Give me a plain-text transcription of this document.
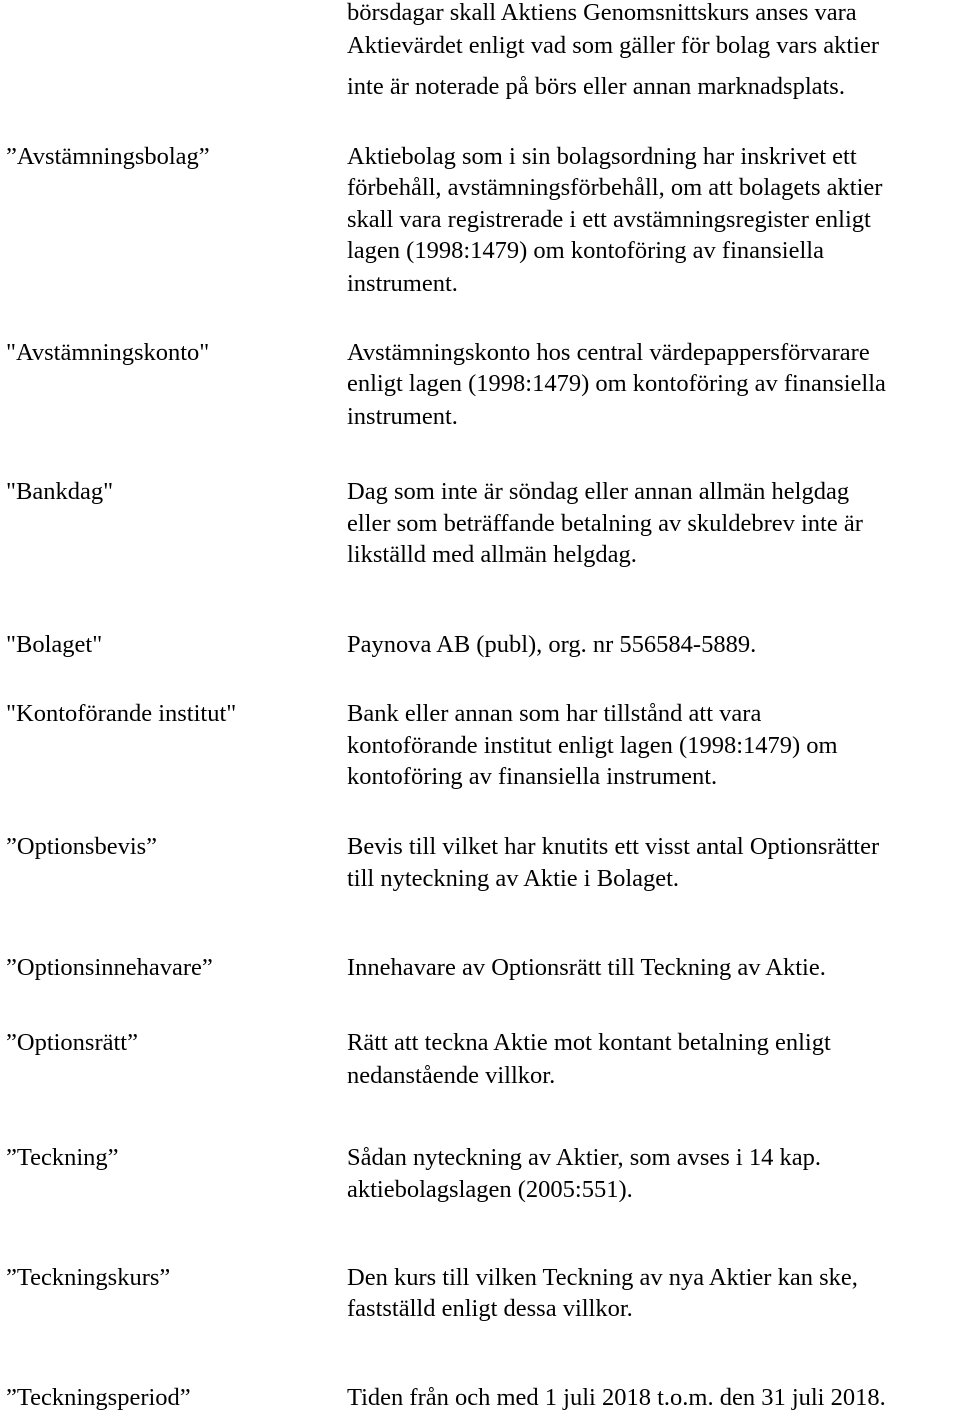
börsdagar skall Aktiens Genomsnittskurs anses vara
Aktievärdet enligt vad som gäller för bolag vars aktier
inte är noterade på börs eller annan marknadsplats.
”Avstämningsbolag”	Aktiebolag som i sin bolagsordning har inskrivet ett
förbehåll, avstämningsförbehåll, om att bolagets aktier
skall vara registrerade i ett avstämningsregister enligt
lagen (1998:1479) om kontoföring av finansiella
instrument.
"Avstämningskonto"	Avstämningskonto hos central värdepappersförvarare
enligt lagen (1998:1479) om kontoföring av finansiella
instrument.
"Bankdag"	Dag som inte är söndag eller annan allmän helgdag
eller som beträffande betalning av skuldebrev inte är
likställd med allmän helgdag.
"Bolaget"	Paynova AB (publ), org. nr 556584-5889.
"Kontoförande institut"	Bank eller annan som har tillstånd att vara
kontoförande institut enligt lagen (1998:1479) om
kontoföring av finansiella instrument.
”Optionsbevis”	Bevis till vilket har knutits ett visst antal Optionsrätter
till nyteckning av Aktie i Bolaget.
”Optionsinnehavare”	Innehavare av Optionsrätt till Teckning av Aktie.
”Optionsrätt”	Rätt att teckna Aktie mot kontant betalning enligt
nedanstående villkor.
”Teckning”	Sådan nyteckning av Aktier, som avses i 14 kap.
aktiebolagslagen (2005:551).
”Teckningskurs”	Den kurs till vilken Teckning av nya Aktier kan ske,
fastställd enligt dessa villkor.
”Teckningsperiod”	Tiden från och med 1 juli 2018 t.o.m. den 31 juli 2018.
